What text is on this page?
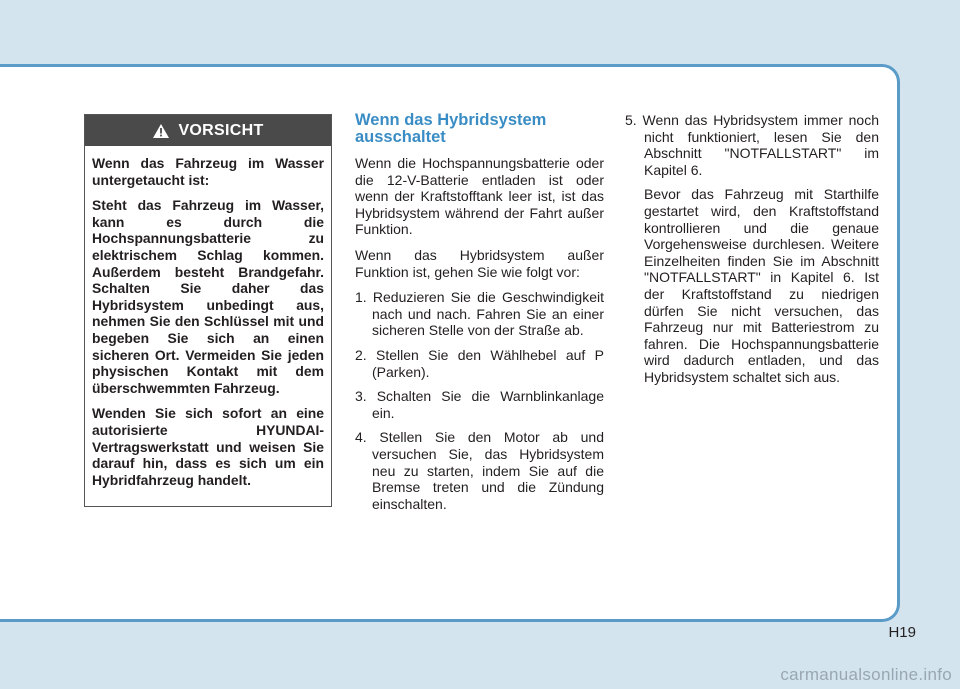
VORSICHT

Wenn das Fahrzeug im Wasser untergetaucht ist:

Steht das Fahrzeug im Wasser, kann es durch die Hochspannungsbatterie zu elektrischem Schlag kommen. Außerdem besteht Brandgefahr. Schalten Sie daher das Hybridsystem unbedingt aus, nehmen Sie den Schlüssel mit und begeben Sie sich an einen sicheren Ort. Vermeiden Sie jeden physischen Kontakt mit dem überschwemmten Fahrzeug.

Wenden Sie sich sofort an eine autorisierte HYUNDAI-Vertragswerkstatt und weisen Sie darauf hin, dass es sich um ein Hybridfahrzeug handelt.

Wenn das Hybridsystem ausschaltet

Wenn die Hochspannungsbatterie oder die 12-V-Batterie entladen ist oder wenn der Kraftstofftank leer ist, ist das Hybridsystem während der Fahrt außer Funktion.

Wenn das Hybridsystem außer Funktion ist, gehen Sie wie folgt vor:

1. Reduzieren Sie die Geschwindigkeit nach und nach. Fahren Sie an einer sicheren Stelle von der Straße ab.
2. Stellen Sie den Wählhebel auf P (Parken).
3. Schalten Sie die Warnblinkanlage ein.
4. Stellen Sie den Motor ab und versuchen Sie, das Hybridsystem neu zu starten, indem Sie auf die Bremse treten und die Zündung einschalten.
5. Wenn das Hybridsystem immer noch nicht funktioniert, lesen Sie den Abschnitt "NOTFALLSTART" im Kapitel 6.

Bevor das Fahrzeug mit Starthilfe gestartet wird, den Kraftstoffstand kontrollieren und die genaue Vorgehensweise durchlesen. Weitere Einzelheiten finden Sie im Abschnitt "NOTFALLSTART" in Kapitel 6. Ist der Kraftstoffstand zu niedrigen dürfen Sie nicht versuchen, das Fahrzeug nur mit Batteriestrom zu fahren. Die Hochspannungsbatterie wird dadurch entladen, und das Hybridsystem schaltet sich aus.

H19
carmanualsonline.info
